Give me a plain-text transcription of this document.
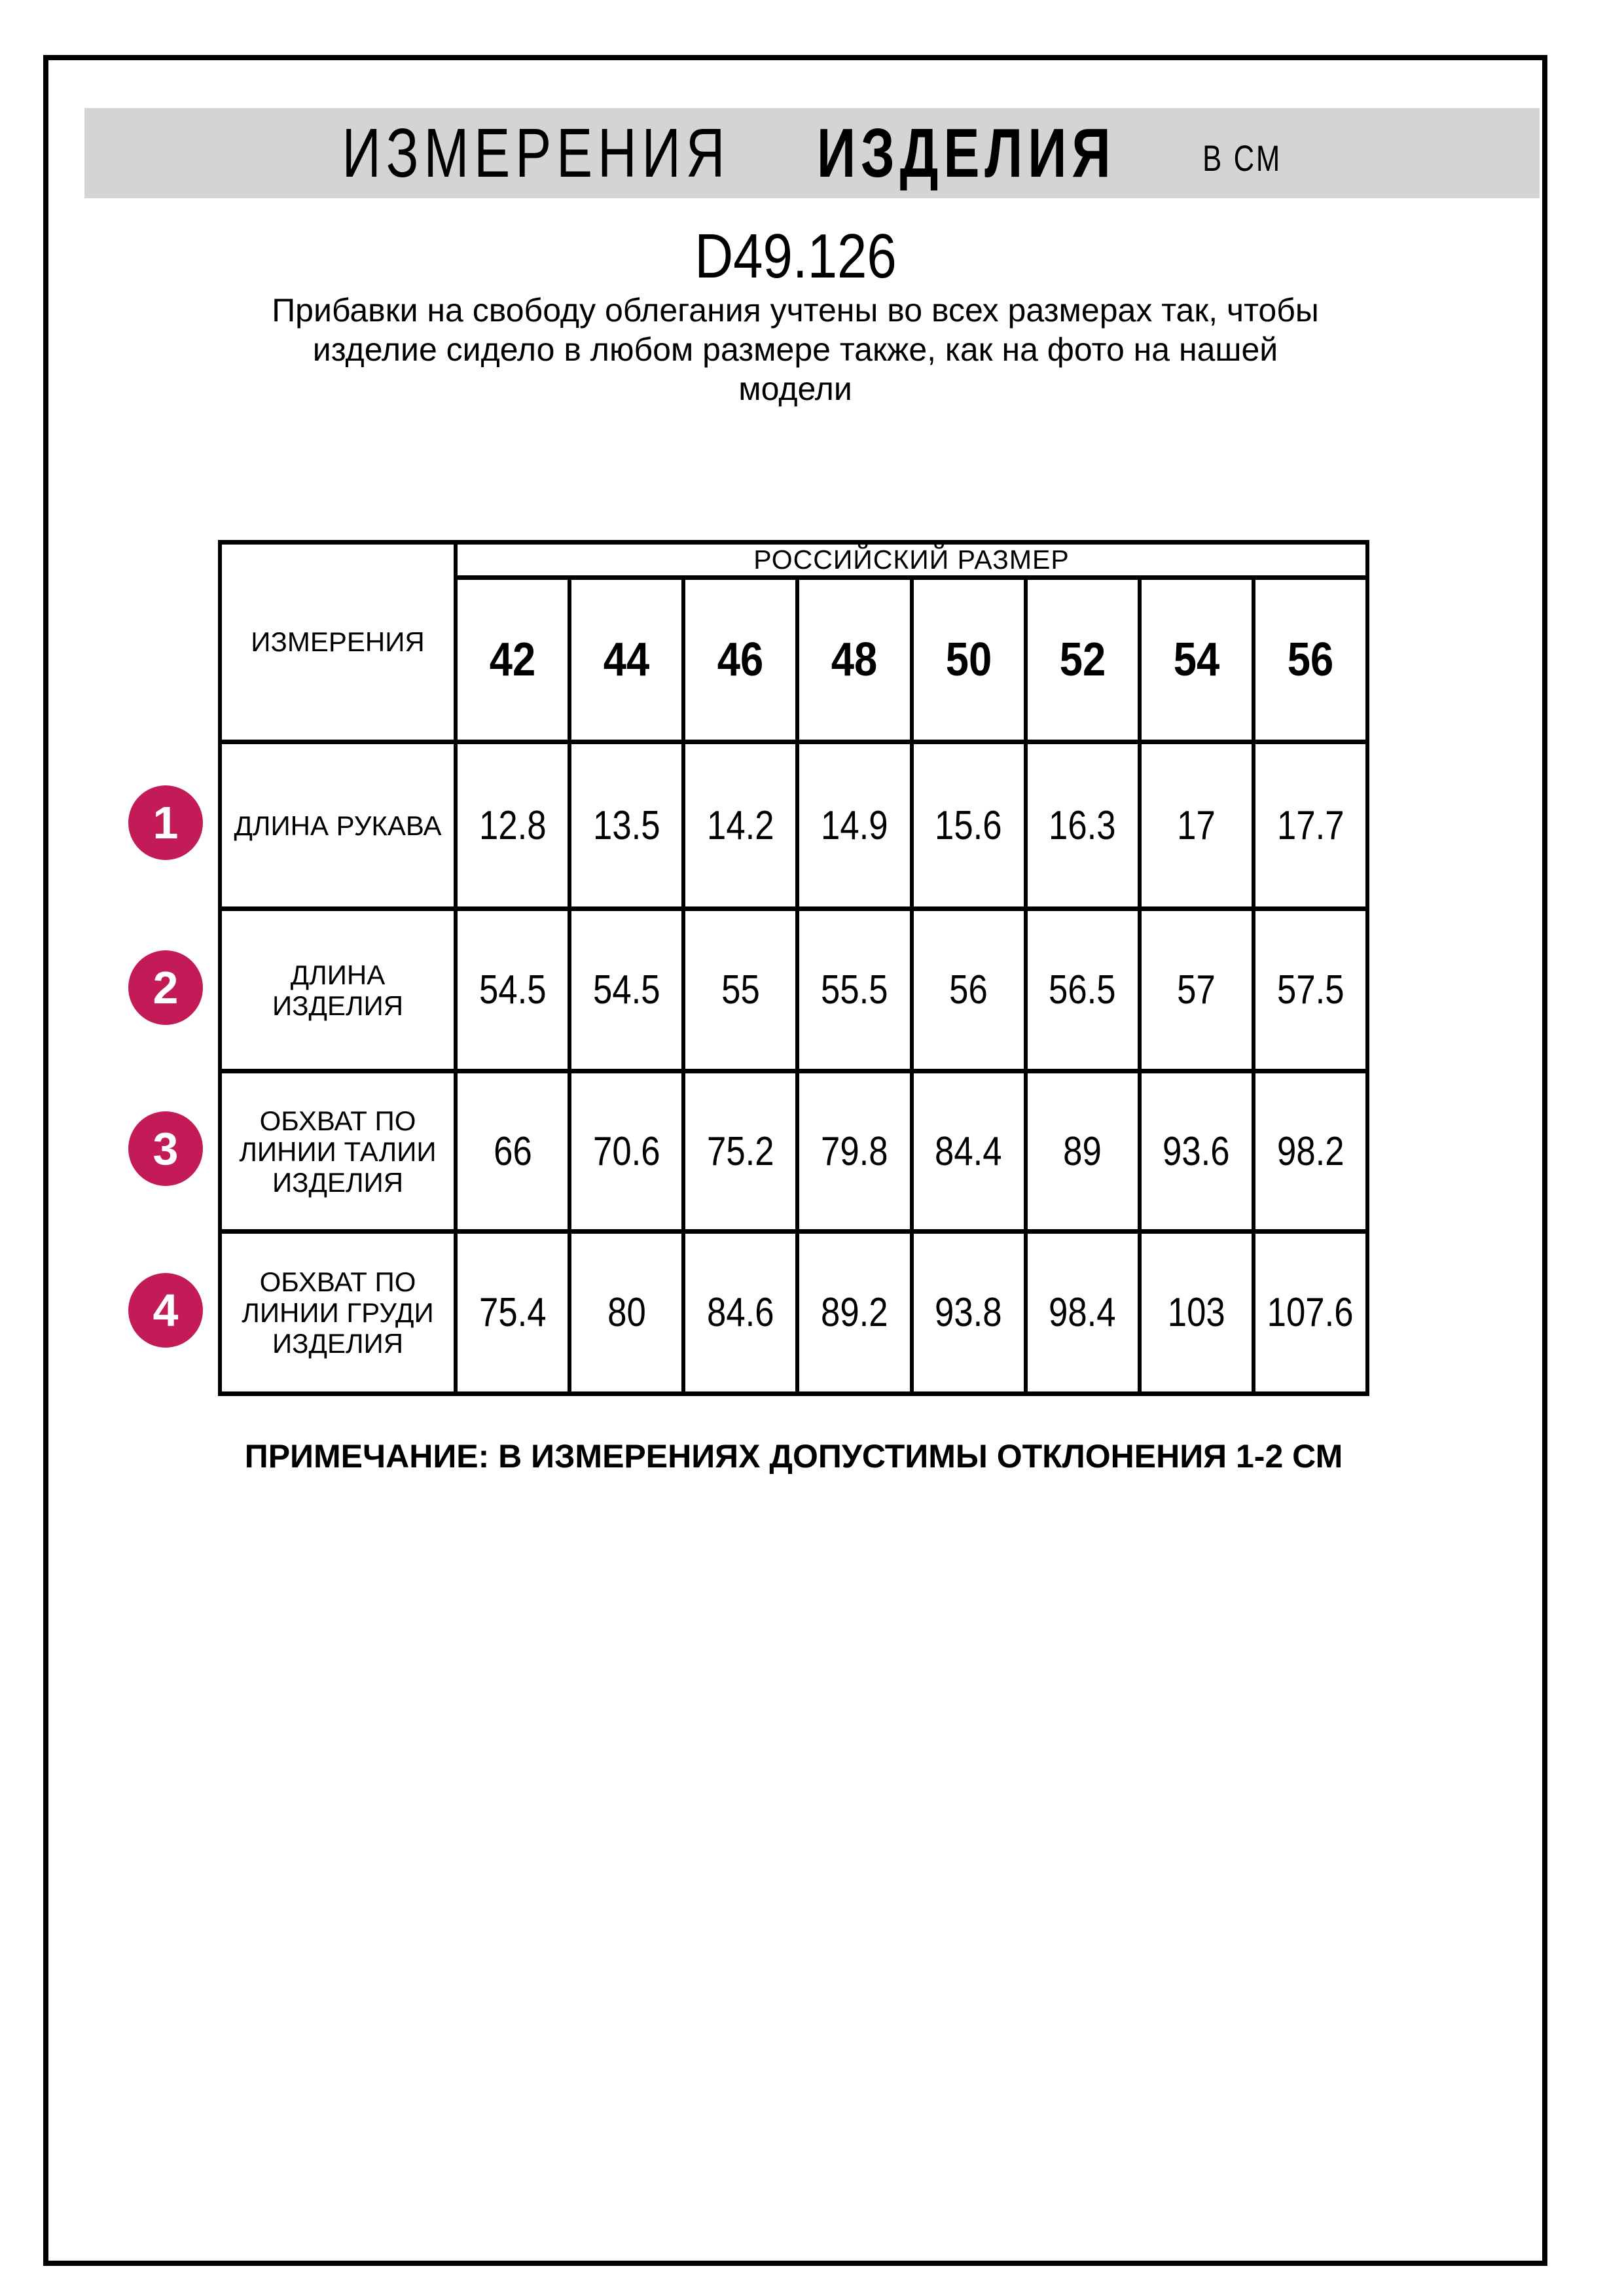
ИЗМЕРЕНИЯ ИЗДЕЛИЯ В СМ
D49.126
Прибавки на свободу облегания учтены во всех размерах так, чтобы
изделие сидело в любом размере также, как на фото на нашей
модели
ИЗМЕРЕНИЯ	РОССИЙСКИЙ РАЗМЕР							
	42	44	46	48	50	52	54	56
ДЛИНА РУКАВА	12.8	13.5	14.2	14.9	15.6	16.3	17	17.7
ДЛИНА
ИЗДЕЛИЯ	54.5	54.5	55	55.5	56	56.5	57	57.5
ОБХВАТ ПО
ЛИНИИ ТАЛИИ
ИЗДЕЛИЯ	66	70.6	75.2	79.8	84.4	89	93.6	98.2
ОБХВАТ ПО
ЛИНИИ ГРУДИ
ИЗДЕЛИЯ	75.4	80	84.6	89.2	93.8	98.4	103	107.6
1
2
3
4
ПРИМЕЧАНИЕ: В ИЗМЕРЕНИЯХ ДОПУСТИМЫ ОТКЛОНЕНИЯ 1-2 СМ
